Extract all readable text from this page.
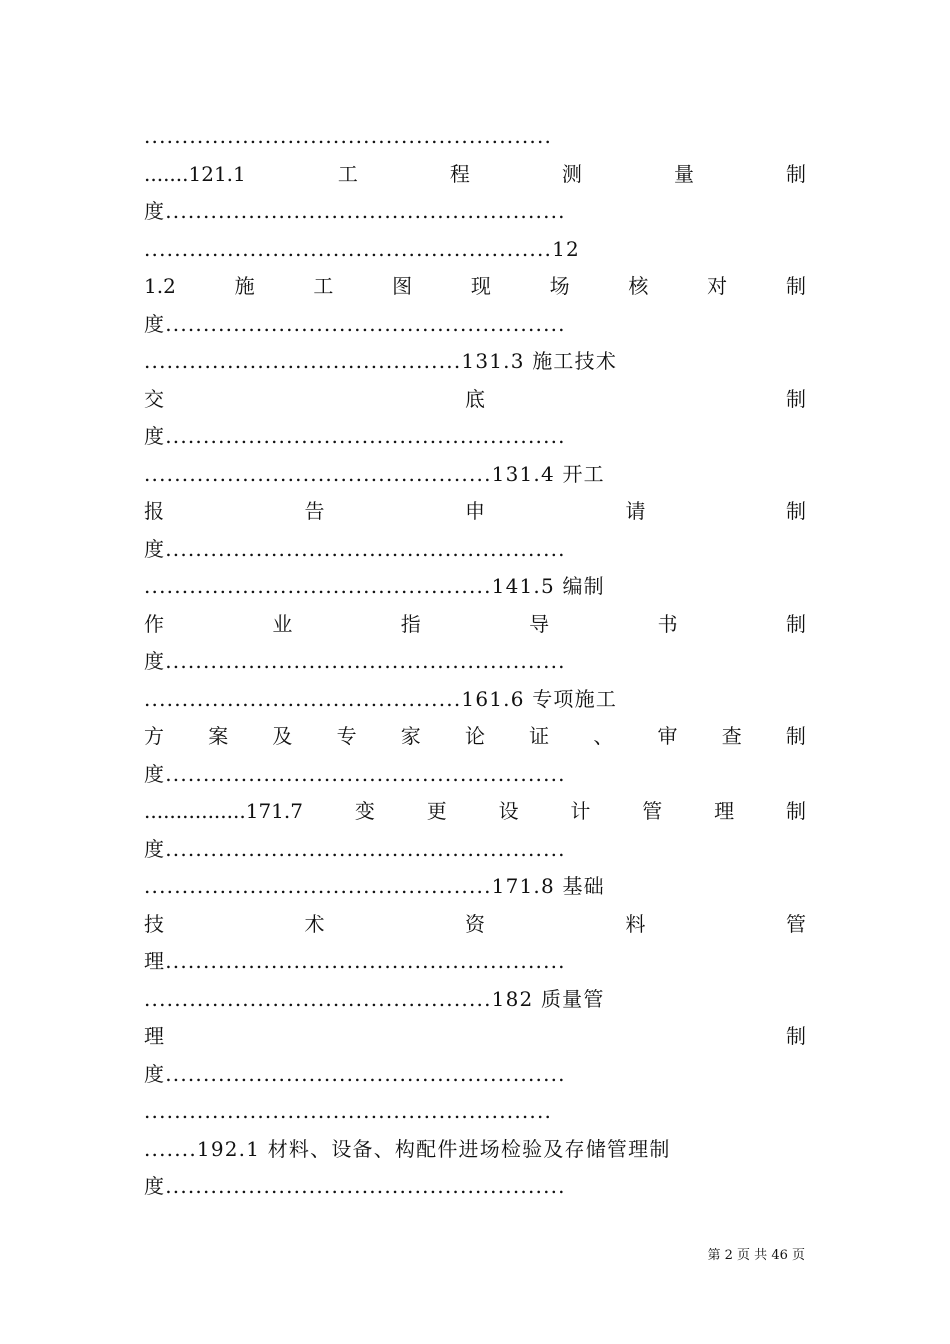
......................................................
.......121.1	工	程	测	量	制
度.....................................................
......................................................12
1.2	施	工	图	现	场	核	对	制
度.....................................................
..........................................131.3 施工技术
交	底	制
度.....................................................
..............................................131.4 开工
报	告	申	请	制
度.....................................................
..............................................141.5 编制
作	业	指	导	书	制
度.....................................................
..........................................161.6 专项施工
方 案 及 专 家 论 证 、 审 查 制
度.....................................................
................171.7	变	更	设	计	管	理	制
度.....................................................
..............................................171.8 基础
技	术	资	料	管
理.....................................................
..............................................182 质量管
理	制
度.....................................................
......................................................
.......192.1 材料、设备、构配件进场检验及存储管理制
度.....................................................
第 2 页 共 46 页
